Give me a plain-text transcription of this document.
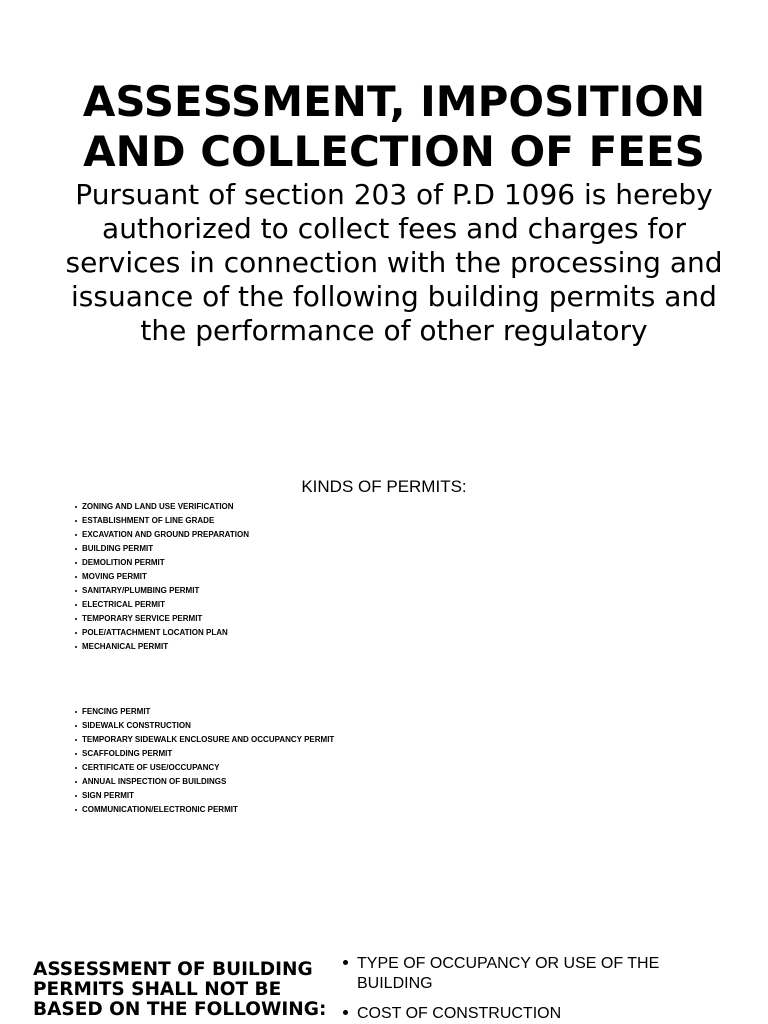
ASSESSMENT, IMPOSITION
AND COLLECTION OF FEES

Pursuant of section 203 of P.D 1096 is hereby
authorized to collect fees and charges for
services in connection with the processing and
issuance of the following building permits and
the performance of other regulatory

KINDS OF PERMITS:
ZONING AND LAND USE VERIFICATION
ESTABLISHMENT OF LINE GRADE
EXCAVATION AND GROUND PREPARATION
BUILDING PERMIT
DEMOLITION PERMIT
MOVING PERMIT
SANITARY/PLUMBING PERMIT
ELECTRICAL PERMIT
TEMPORARY SERVICE PERMIT
POLE/ATTACHMENT LOCATION PLAN
MECHANICAL PERMIT
FENCING PERMIT
SIDEWALK CONSTRUCTION
TEMPORARY SIDEWALK ENCLOSURE AND OCCUPANCY PERMIT
SCAFFOLDING PERMIT
CERTIFICATE OF USE/OCCUPANCY
ANNUAL INSPECTION OF BUILDINGS
SIGN PERMIT
COMMUNICATION/ELECTRONIC PERMIT
ASSESSMENT OF BUILDING
PERMITS SHALL NOT BE
BASED ON THE FOLLOWING:
TYPE OF OCCUPANCY OR USE OF THE
BUILDING
COST OF CONSTRUCTION
